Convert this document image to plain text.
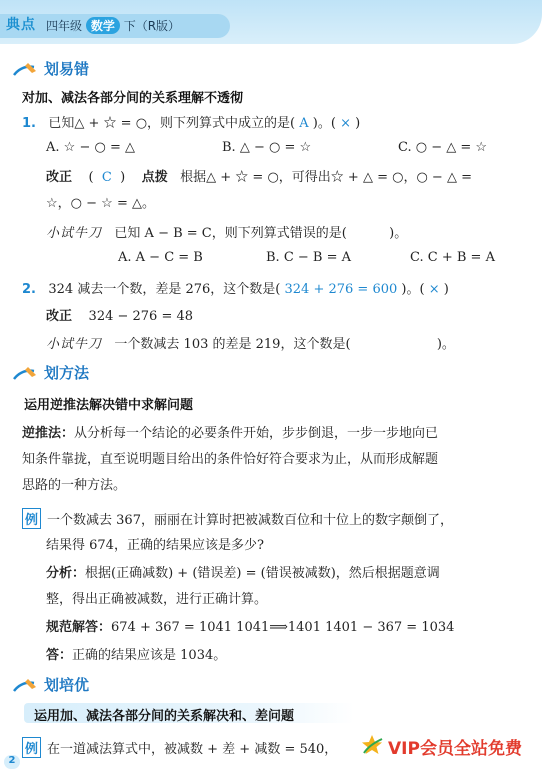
典点 四年级 数学 下（R版）
划易错
对加、减法各部分间的关系理解不透彻
1. 已知△ + ☆ = ○，则下列算式中成立的是( A )。( × )
A. ☆ − ○ = △	B. △ − ○ = ☆	C. ○ − △ = ☆
改正 ( C ) 点拨 根据△ + ☆ = ○，可得出☆ + △ = ○，○ − △ =
☆，○ − ☆ = △。
小试牛刀 已知 A − B = C，则下列算式错误的是(	)。
A. A − C = B	B. C − B = A	C. C + B = A
2. 324 减去一个数，差是 276，这个数是( 324 + 276 = 600 )。( × )
改正 324 − 276 = 48
小试牛刀 一个数减去 103 的差是 219，这个数是(	)。
划方法
运用逆推法解决错中求解问题
逆推法：从分析每一个结论的必要条件开始，步步倒退，一步一步地向已
知条件靠拢，直至说明题目给出的条件恰好符合要求为止，从而形成解题
思路的一种方法。
例 一个数减去 367，丽丽在计算时把被减数百位和十位上的数字颠倒了，
结果得 674，正确的结果应该是多少?
分析：根据(正确减数) + (错误差) = (错误被减数)，然后根据题意调
整，得出正确被减数，进行正确计算。
规范解答：674 + 367 = 1041 1041⟹1401 1401 − 367 = 1034
答：正确的结果应该是 1034。
划培优
运用加、减法各部分间的关系解决和、差问题
例 在一道减法算式中，被减数 + 差 + 减数 = 540，	VIP会员全站免费
2
